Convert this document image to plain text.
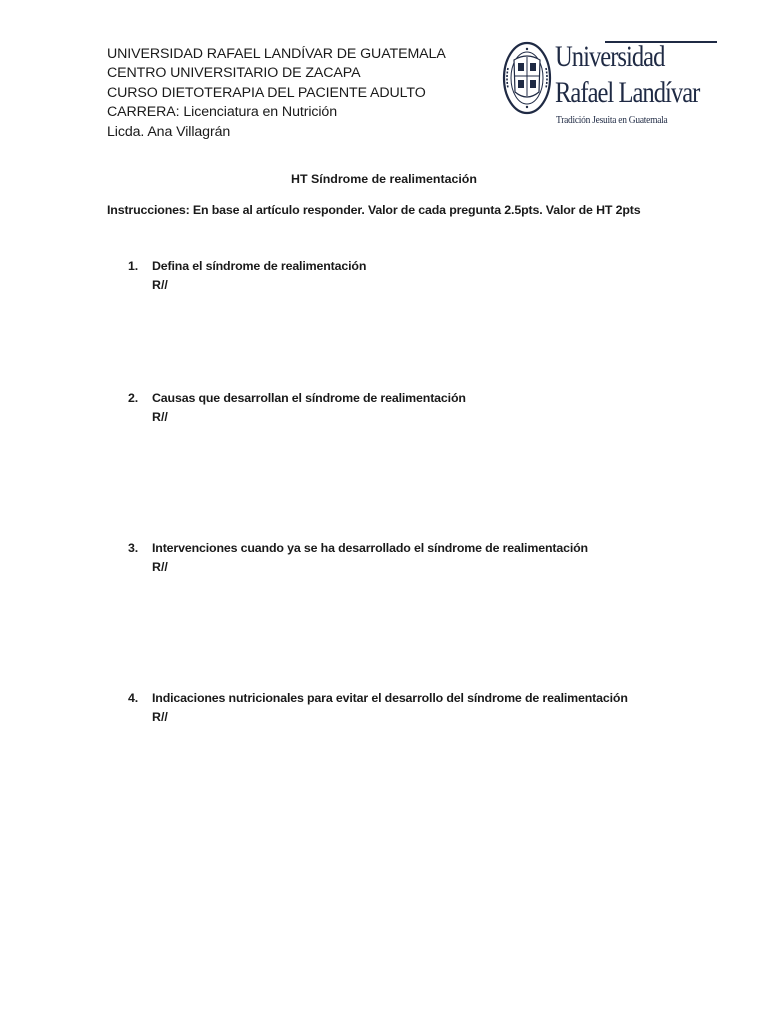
UNIVERSIDAD RAFAEL LANDÍVAR DE GUATEMALA
CENTRO UNIVERSITARIO DE ZACAPA
CURSO DIETOTERAPIA DEL PACIENTE ADULTO
CARRERA: Licenciatura en Nutrición
Licda. Ana Villagrán
Universidad
Rafael Landívar
Tradición Jesuita en Guatemala
HT Síndrome de realimentación
Instrucciones: En base al artículo responder. Valor de cada pregunta 2.5pts. Valor de HT 2pts
1. Defina el síndrome de realimentación
R//
2. Causas que desarrollan el síndrome de realimentación
R//
3. Intervenciones cuando ya se ha desarrollado el síndrome de realimentación
R//
4. Indicaciones nutricionales para evitar el desarrollo del síndrome de realimentación
R//
